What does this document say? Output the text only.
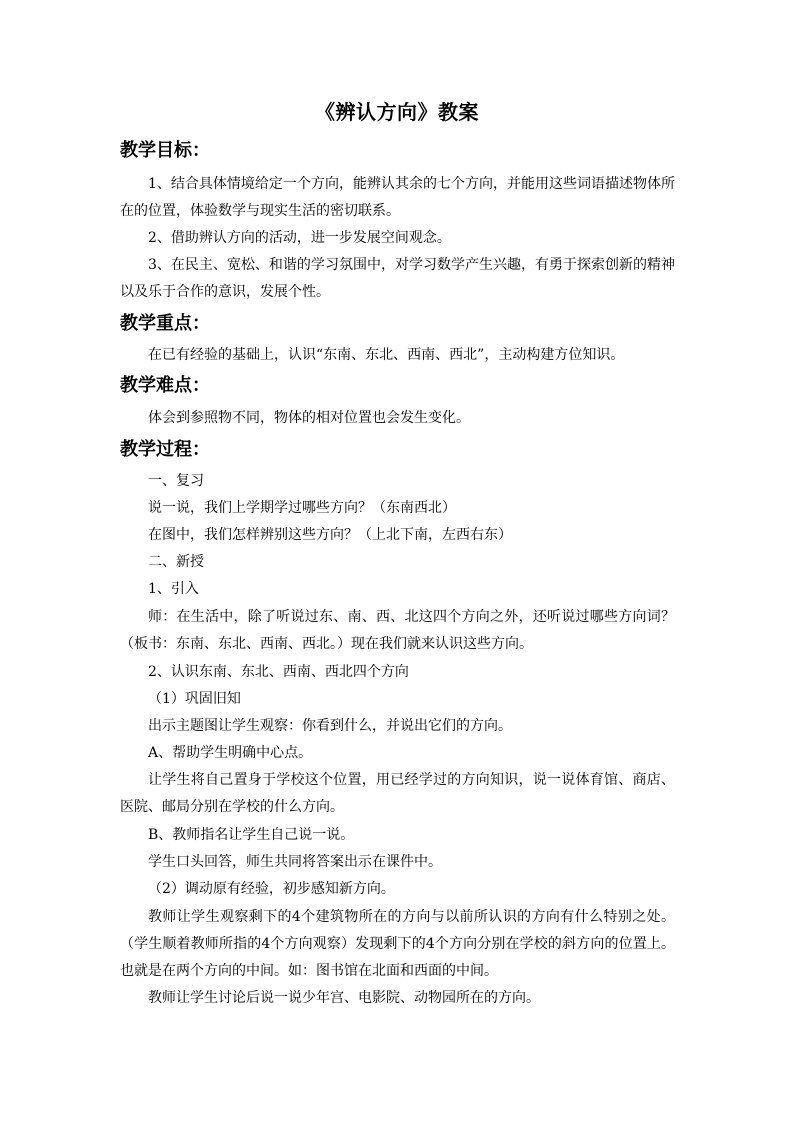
《辨认方向》教案
教学目标：
1、结合具体情境给定一个方向，能辨认其余的七个方向，并能用这些词语描述物体所在的位置，体验数学与现实生活的密切联系。
2、借助辨认方向的活动，进一步发展空间观念。
3、在民主、宽松、和谐的学习氛围中，对学习数学产生兴趣，有勇于探索创新的精神以及乐于合作的意识，发展个性。
教学重点：
在已有经验的基础上，认识“东南、东北、西南、西北”，主动构建方位知识。
教学难点：
体会到参照物不同，物体的相对位置也会发生变化。
教学过程：
一、复习
说一说，我们上学期学过哪些方向？（东南西北）
在图中，我们怎样辨别这些方向？（上北下南，左西右东）
二、新授
1、引入
师：在生活中，除了听说过东、南、西、北这四个方向之外，还听说过哪些方向词？（板书：东南、东北、西南、西北。）现在我们就来认识这些方向。
2、认识东南、东北、西南、西北四个方向
（1）巩固旧知
出示主题图让学生观察：你看到什么，并说出它们的方向。
A、帮助学生明确中心点。
让学生将自己置身于学校这个位置，用已经学过的方向知识，说一说体育馆、商店、医院、邮局分别在学校的什么方向。
B、教师指名让学生自己说一说。
学生口头回答，师生共同将答案出示在课件中。
（2）调动原有经验，初步感知新方向。
教师让学生观察剩下的4个建筑物所在的方向与以前所认识的方向有什么特别之处。（学生顺着教师所指的4个方向观察）发现剩下的4个方向分别在学校的斜方向的位置上。也就是在两个方向的中间。如：图书馆在北面和西面的中间。
教师让学生讨论后说一说少年宫、电影院、动物园所在的方向。
